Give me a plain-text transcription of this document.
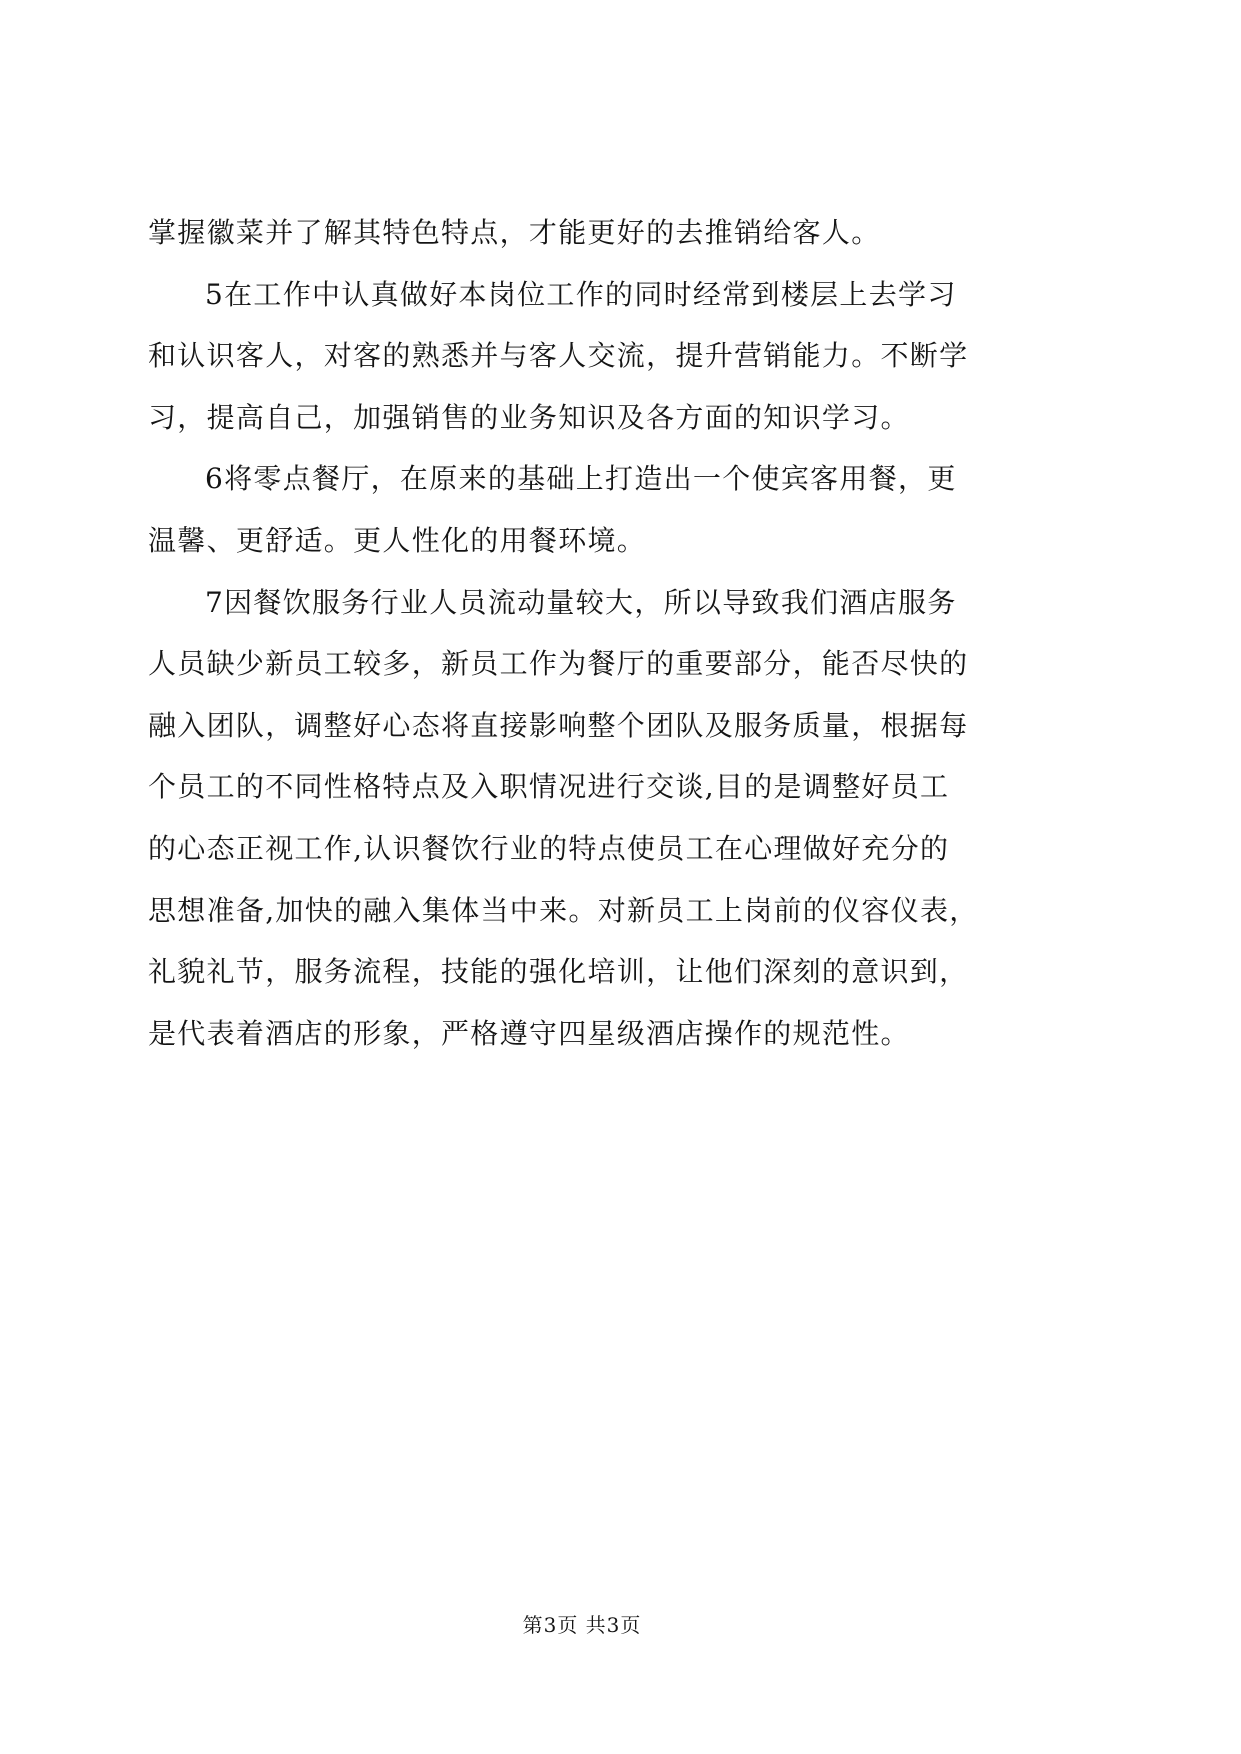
掌握徽菜并了解其特色特点，才能更好的去推销给客人。
5在工作中认真做好本岗位工作的同时经常到楼层上去学习
和认识客人，对客的熟悉并与客人交流，提升营销能力。不断学
习，提高自己，加强销售的业务知识及各方面的知识学习。
6将零点餐厅，在原来的基础上打造出一个使宾客用餐，更
温馨、更舒适。更人性化的用餐环境。
7因餐饮服务行业人员流动量较大，所以导致我们酒店服务
人员缺少新员工较多，新员工作为餐厅的重要部分，能否尽快的
融入团队，调整好心态将直接影响整个团队及服务质量，根据每
个员工的不同性格特点及入职情况进行交谈,目的是调整好员工
的心态正视工作,认识餐饮行业的特点使员工在心理做好充分的
思想准备,加快的融入集体当中来。对新员工上岗前的仪容仪表，
礼貌礼节，服务流程，技能的强化培训，让他们深刻的意识到，
是代表着酒店的形象，严格遵守四星级酒店操作的规范性。
第3页 共3页
